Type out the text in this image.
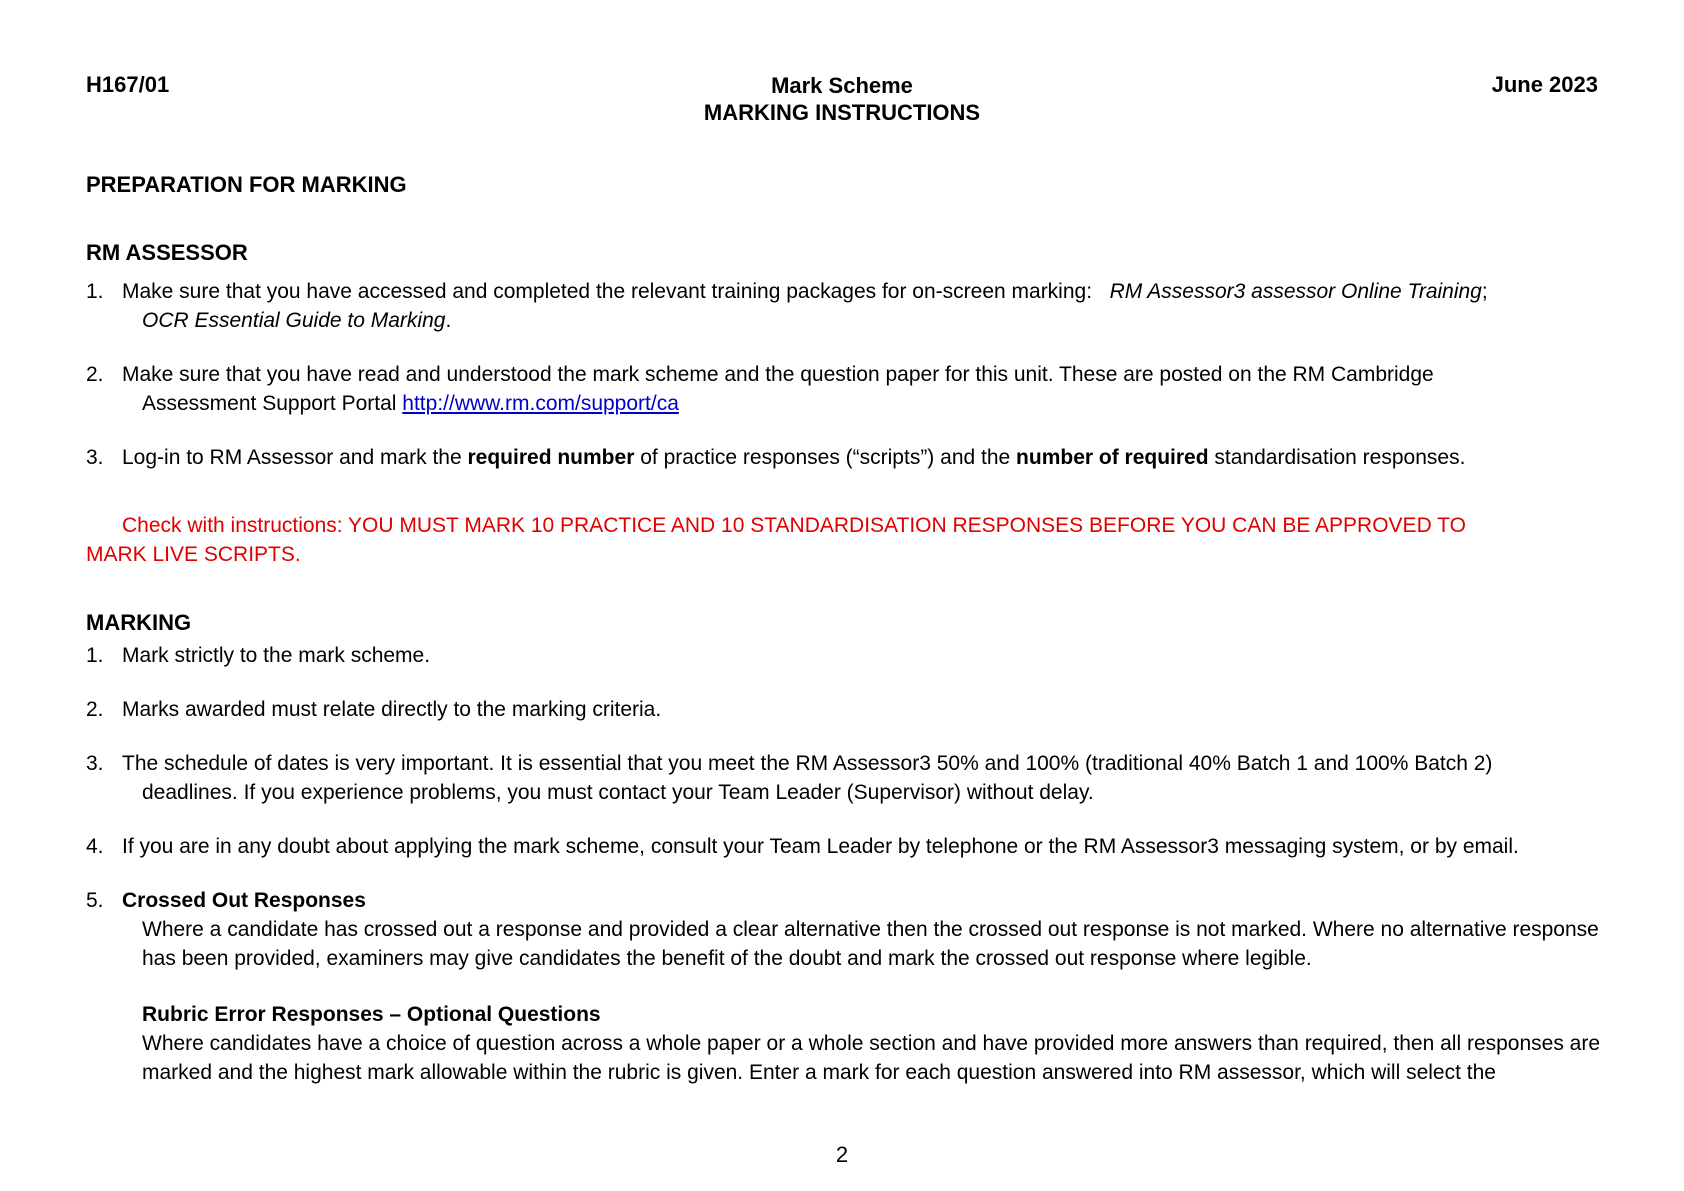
H167/01	Mark Scheme
MARKING INSTRUCTIONS
June 2023
PREPARATION FOR MARKING
RM ASSESSOR
1. Make sure that you have accessed and completed the relevant training packages for on-screen marking: RM Assessor3 assessor Online Training;
OCR Essential Guide to Marking.
2. Make sure that you have read and understood the mark scheme and the question paper for this unit. These are posted on the RM Cambridge
Assessment Support Portal http://www.rm.com/support/ca
3. Log-in to RM Assessor and mark the required number of practice responses (“scripts”) and the number of required standardisation responses.
Check with instructions: YOU MUST MARK 10 PRACTICE AND 10 STANDARDISATION RESPONSES BEFORE YOU CAN BE APPROVED TO
MARK LIVE SCRIPTS.
MARKING
1. Mark strictly to the mark scheme.
2. Marks awarded must relate directly to the marking criteria.
3. The schedule of dates is very important. It is essential that you meet the RM Assessor3 50% and 100% (traditional 40% Batch 1 and 100% Batch 2)
deadlines. If you experience problems, you must contact your Team Leader (Supervisor) without delay.
4. If you are in any doubt about applying the mark scheme, consult your Team Leader by telephone or the RM Assessor3 messaging system, or by email.
5. Crossed Out Responses
Where a candidate has crossed out a response and provided a clear alternative then the crossed out response is not marked. Where no alternative response has been provided, examiners may give candidates the benefit of the doubt and mark the crossed out response where legible.
Rubric Error Responses – Optional Questions
Where candidates have a choice of question across a whole paper or a whole section and have provided more answers than required, then all responses are marked and the highest mark allowable within the rubric is given. Enter a mark for each question answered into RM assessor, which will select the
2
